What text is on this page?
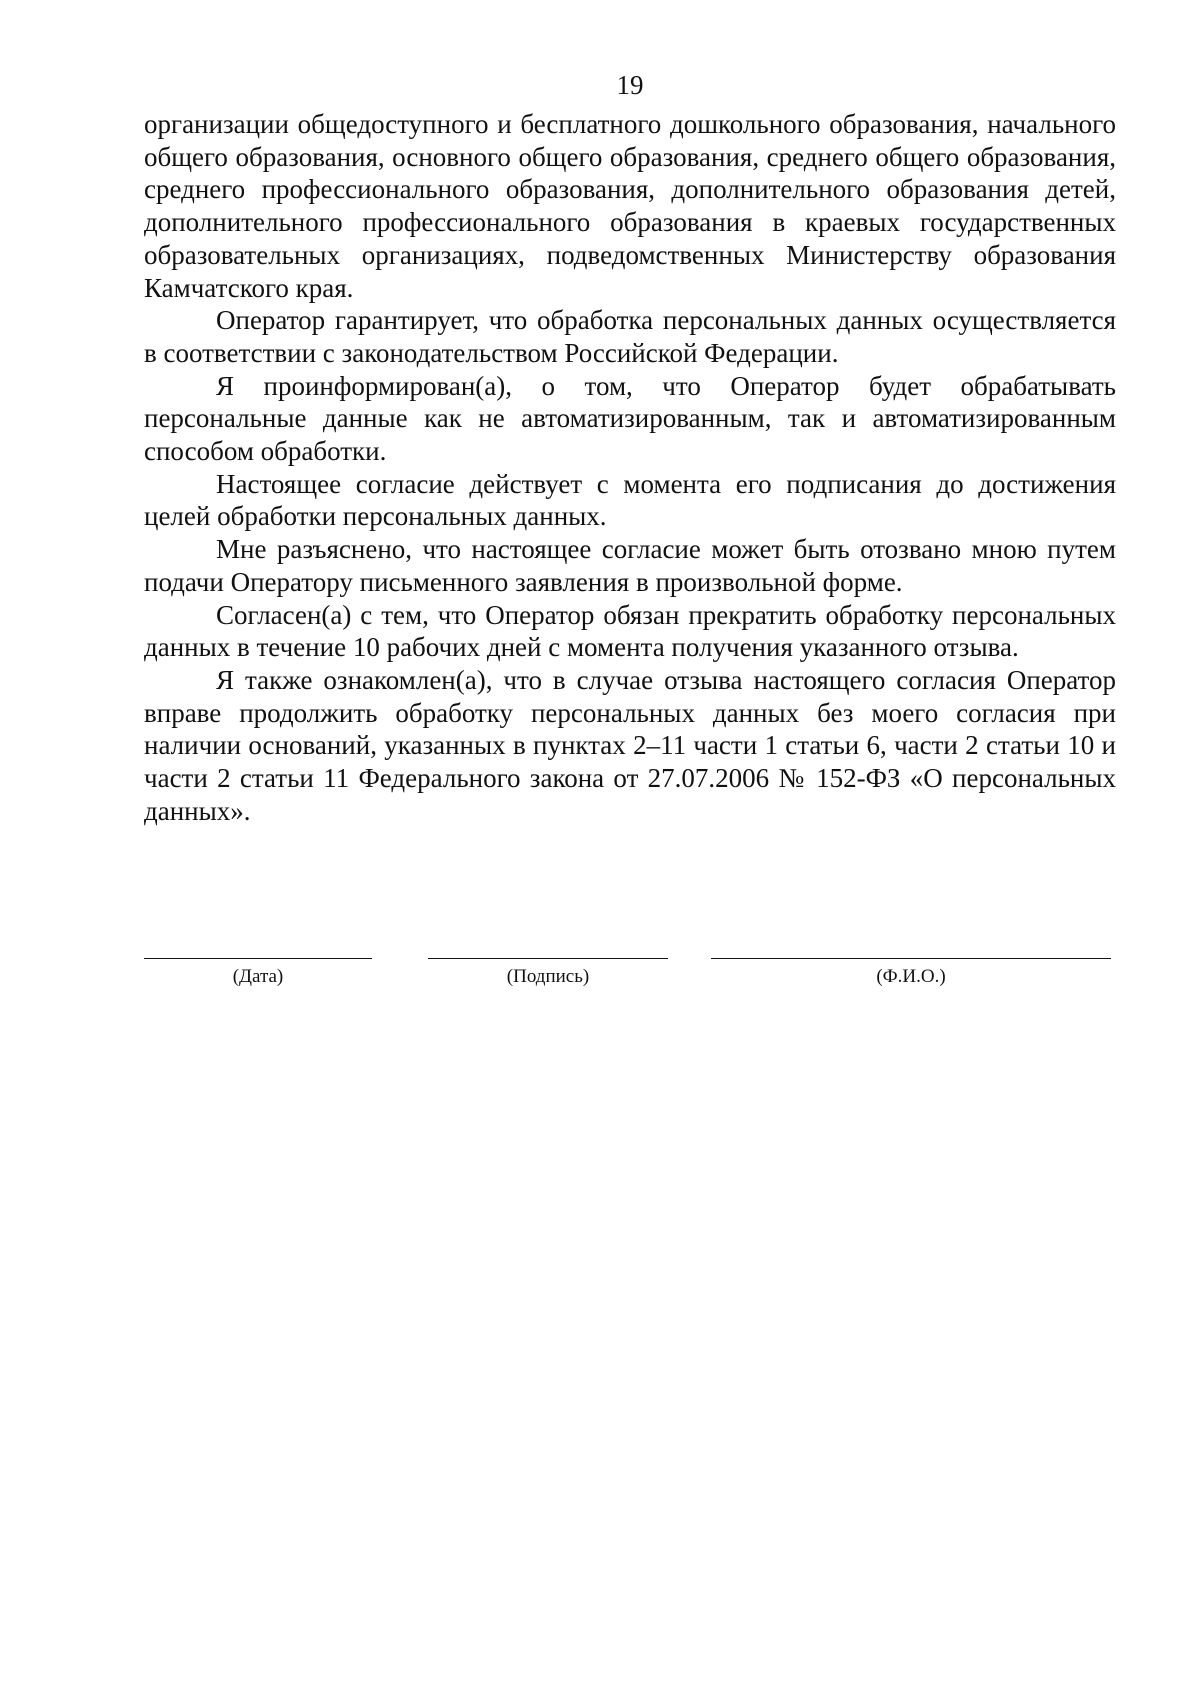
19

организации общедоступного и бесплатного дошкольного образования, начального общего образования, основного общего образования, среднего общего образования, среднего профессионального образования, дополнительного образования детей, дополнительного профессионального образования в краевых государственных образовательных организациях, подведомственных Министерству образования Камчатского края.

Оператор гарантирует, что обработка персональных данных осуществляется в соответствии с законодательством Российской Федерации.

Я проинформирован(а), о том, что Оператор будет обрабатывать персональные данные как не автоматизированным, так и автоматизированным способом обработки.

Настоящее согласие действует с момента его подписания до достижения целей обработки персональных данных.

Мне разъяснено, что настоящее согласие может быть отозвано мною путем подачи Оператору письменного заявления в произвольной форме.

Согласен(а) с тем, что Оператор обязан прекратить обработку персональных данных в течение 10 рабочих дней с момента получения указанного отзыва.

Я также ознакомлен(а), что в случае отзыва настоящего согласия Оператор вправе продолжить обработку персональных данных без моего согласия при наличии оснований, указанных в пунктах 2–11 части 1 статьи 6, части 2 статьи 10 и части 2 статьи 11 Федерального закона от 27.07.2006 № 152-ФЗ «О персональных данных».

(Дата)	(Подпись)	(Ф.И.О.)
